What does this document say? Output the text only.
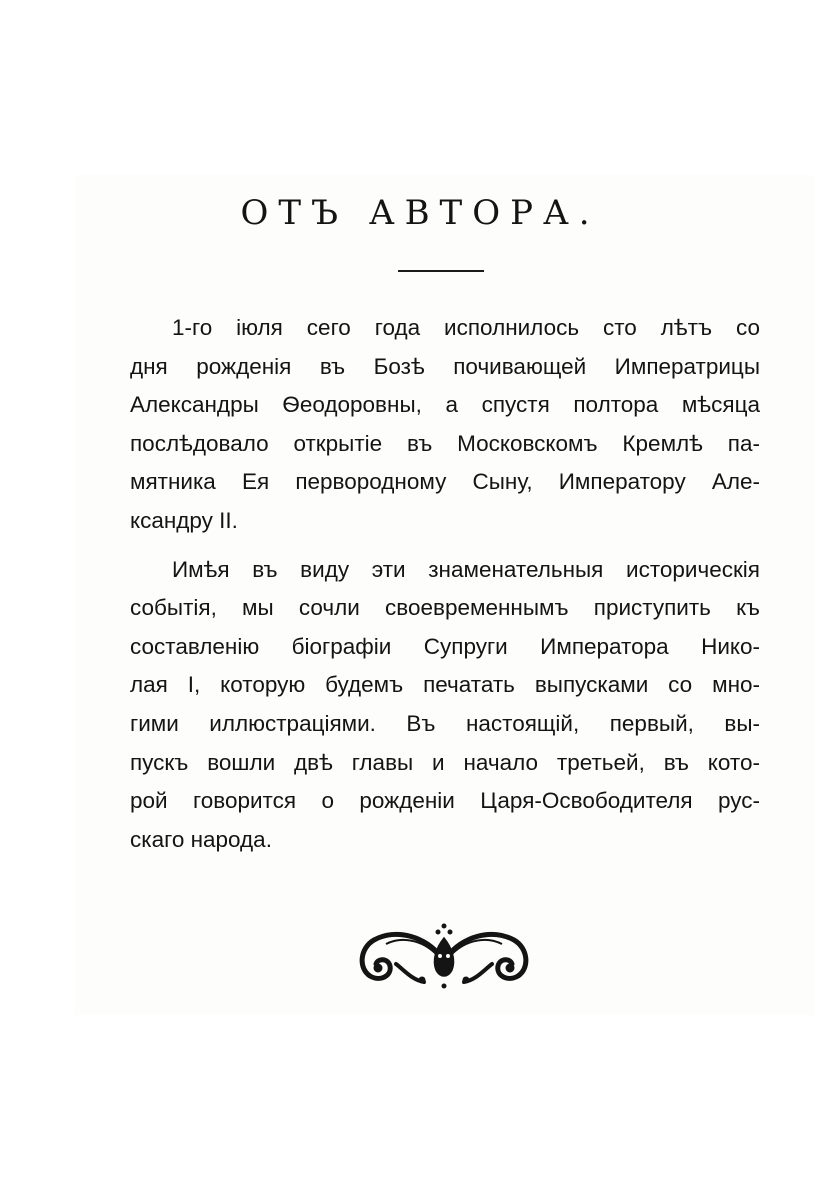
ОТЪ АВТОРА.
1-го іюля сего года исполнилось сто лѣтъ со
дня рожденія въ Бозѣ почивающей Императрицы
Александры Ѳеодоровны, а спустя полтора мѣсяца
послѣдовало открытіе въ Московскомъ Кремлѣ па-
мятника Ея первородному Сыну, Императору Але-
ксандру II.
Имѣя въ виду эти знаменательныя историческія
событія, мы сочли своевременнымъ приступить къ
составленію біографіи Супруги Императора Нико-
лая I, которую будемъ печатать выпусками со мно-
гими иллюстраціями. Въ настоящій, первый, вы-
пускъ вошли двѣ главы и начало третьей, въ кото-
рой говорится о рожденіи Царя-Освободителя рус-
скаго народа.
